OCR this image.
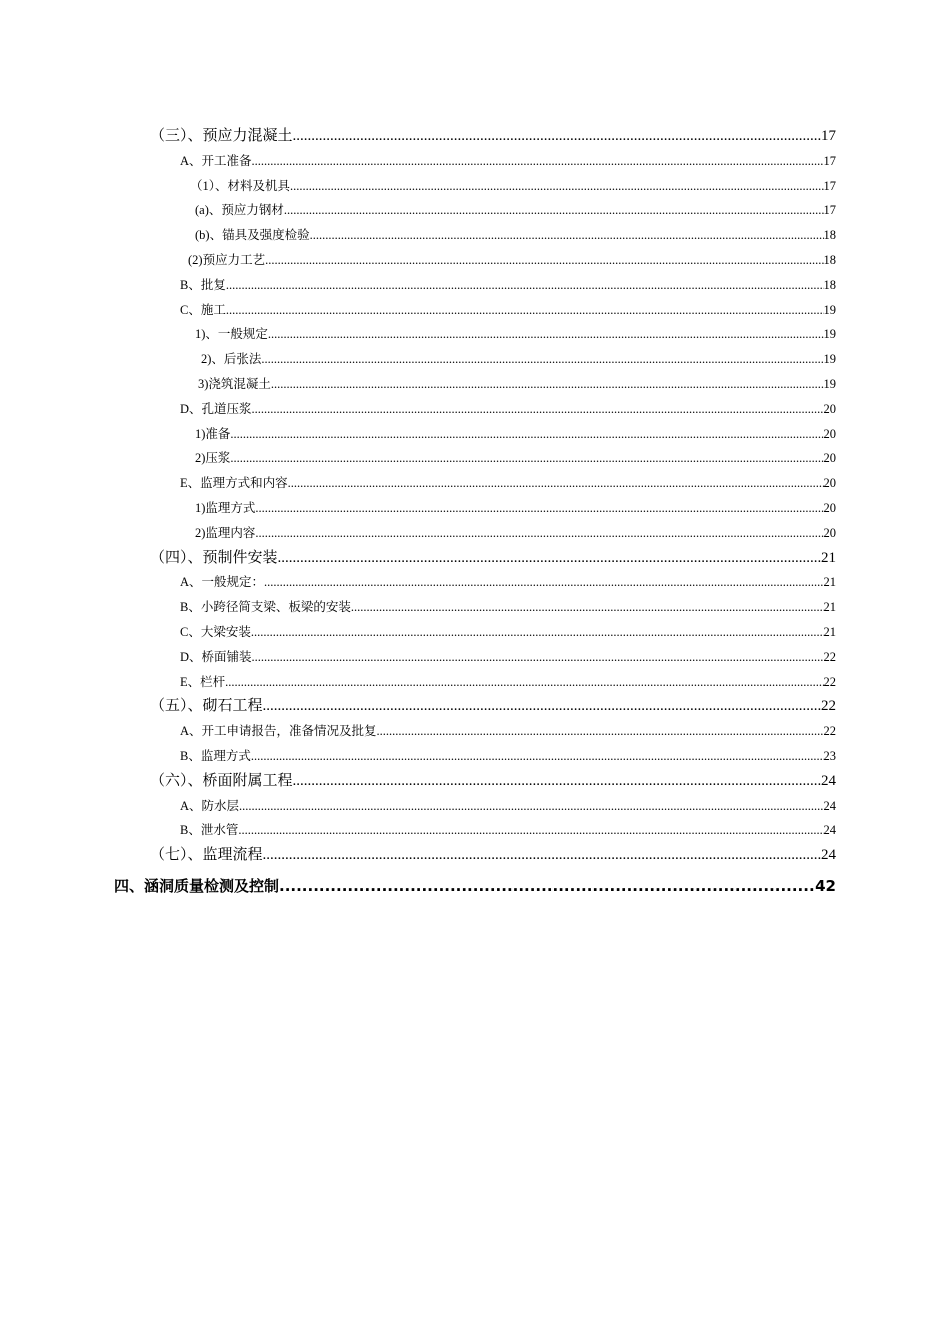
（三）、预应力混凝土 .....	17
A、开工准备 .....	17
（1）、材料及机具 .....	17
(a)、预应力钢材 .....	17
(b)、锚具及强度检验 .....	18
(2)预应力工艺 .....	18
B、批复 .....	18
C、施工 .....	19
1)、一般规定 .....	19
2)、后张法 .....	19
3)浇筑混凝土 .....	19
D、孔道压浆 .....	20
1)准备 .....	20
2)压浆 .....	20
E、监理方式和内容 .....	20
1)监理方式 .....	20
2)监理内容 .....	20
（四）、预制件安装 .....	21
A、一般规定： .....	21
B、小跨径简支梁、板梁的安装 .....	21
C、大梁安装 .....	21
D、桥面铺装 .....	22
E、栏杆 .....	22
（五）、砌石工程 .....	22
A、开工申请报告，准备情况及批复 .....	22
B、监理方式 .....	23
（六）、桥面附属工程 .....	24
A、防水层 .....	24
B、泄水管 .....	24
（七）、监理流程 .....	24
四、涵洞质量检测及控制 .....	42
